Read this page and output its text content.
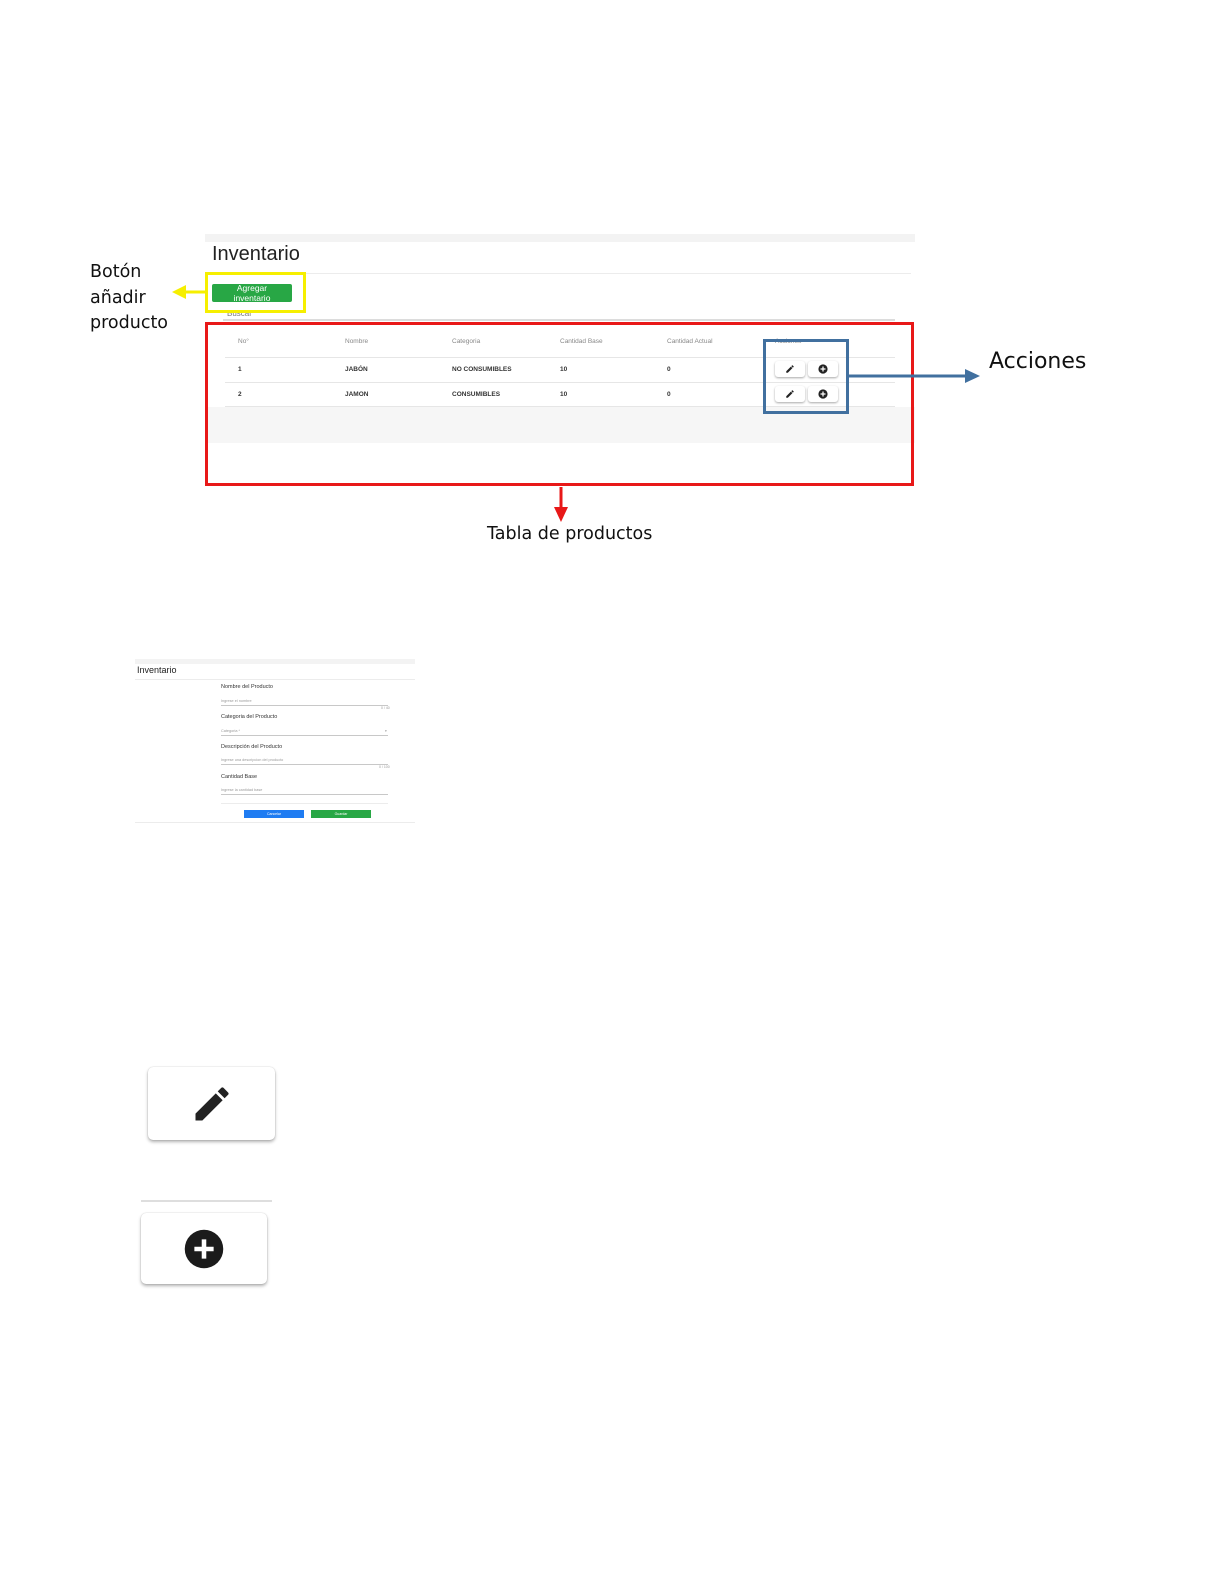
Inventario
Agregar inventario
Buscar
No°	Nombre	Categoria	Cantidad Base	Cantidad Actual	Acciones
1	JABÓN	NO CONSUMIBLES	10	0
2	JAMON	CONSUMIBLES	10	0
Botón
añadir
producto
Acciones
Tabla de productos
Inventario
Nombre del Producto
Ingrese el nombre
0 / 40
Categoria del Producto
Categoria *	▾
Descripción del Producto
Ingrese una descripcion del producto
0 / 100
Cantidad Base
Ingrese la cantidad base
Cancelar	Guardar
